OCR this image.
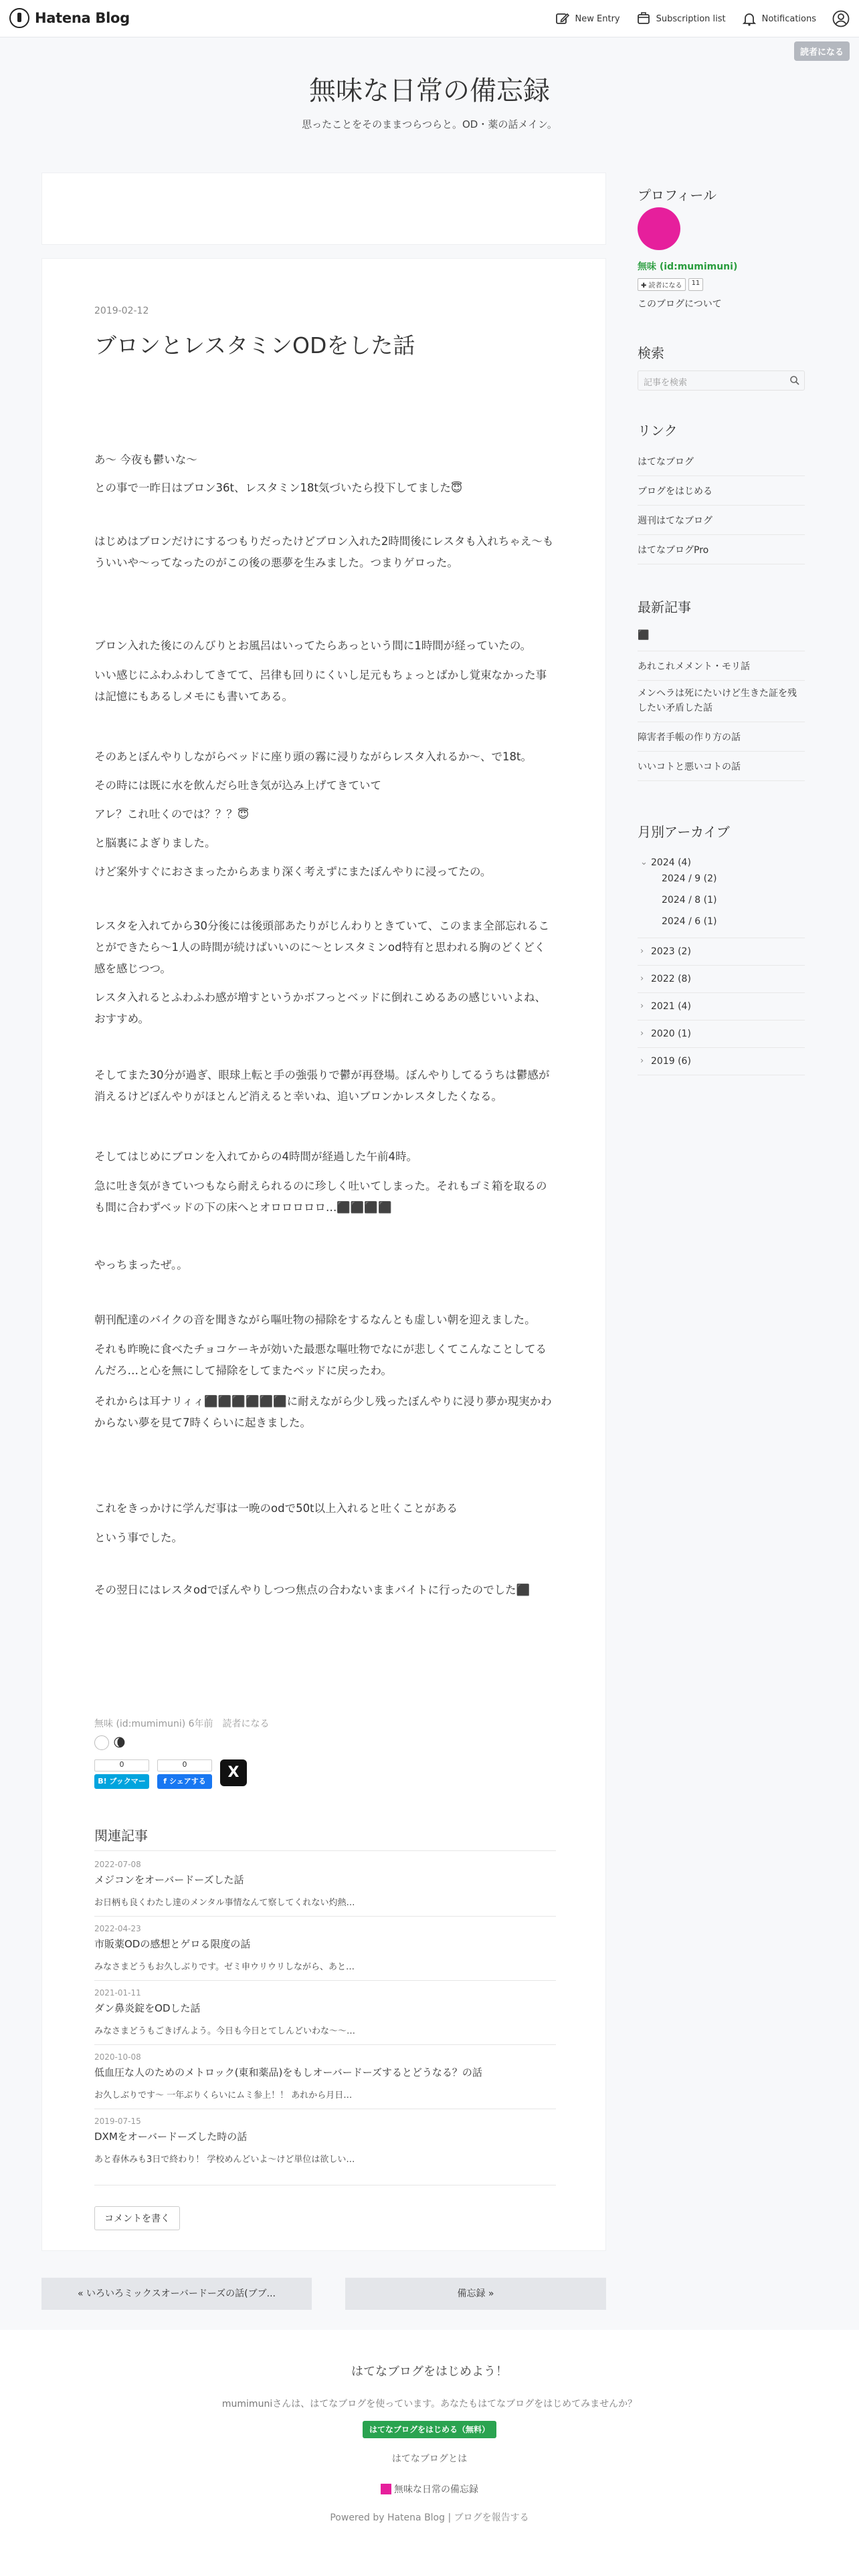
Hatena Blog	New Entry	Subscription list	Notifications
読者になる
無味な日常の備忘録
思ったことをそのままつらつらと。OD・薬の話メイン。
2019-02-12
ブロンとレスタミンODをした話

あ〜 今夜も鬱いな〜

との事で一昨日はブロン36t、レスタミン18t気づいたら投下してました😇

はじめはブロンだけにするつもりだったけどブロン入れた2時間後にレスタも入れちゃえ〜もういいや〜ってなったのがこの後の悪夢を生みました。つまりゲロった。

ブロン入れた後にのんびりとお風呂はいってたらあっという間に1時間が経っていたの。

いい感じにふわふわしてきてて、呂律も回りにくいし足元もちょっとばかし覚束なかった事は記憶にもあるしメモにも書いてある。

そのあとぼんやりしながらベッドに座り頭の霧に浸りながらレスタ入れるか〜、で18t。

その時には既に水を飲んだら吐き気が込み上げてきていて

アレ？これ吐くのでは？？？😇

と脳裏によぎりました。

けど案外すぐにおさまったからあまり深く考えずにまたぼんやりに浸ってたの。

レスタを入れてから30分後には後頭部あたりがじんわりときていて、このまま全部忘れることができたら〜1人の時間が続けばいいのに〜とレスタミンod特有と思われる胸のどくどく感を感じつつ。

レスタ入れるとふわふわ感が増すというかボフっとベッドに倒れこめるあの感じいいよね、おすすめ。

そしてまた30分が過ぎ、眼球上転と手の強張りで鬱が再登場。ぼんやりしてるうちは鬱感が消えるけどぼんやりがほとんど消えると幸いね、追いブロンかレスタしたくなる。

そしてはじめにブロンを入れてからの4時間が経過した午前4時。

急に吐き気がきていつもなら耐えられるのに珍しく吐いてしまった。それもゴミ箱を取るのも間に合わずベッドの下の床へとオロロロロロ…⬛⬛⬛⬛

やっちまったぜ。。

朝刊配達のバイクの音を聞きながら嘔吐物の掃除をするなんとも虚しい朝を迎えました。

それも昨晩に食べたチョコケーキが効いた最悪な嘔吐物でなにが悲しくてこんなことしてるんだろ…と心を無にして掃除をしてまたベッドに戻ったわ。

それからは耳ナリィィ⬛⬛⬛⬛⬛⬛に耐えながら少し残ったぼんやりに浸り夢か現実かわからない夢を見て7時くらいに起きました。

これをきっかけに学んだ事は一晩のodで50t以上入れると吐くことがある

という事でした。

その翌日にはレスタodでぼんやりしつつ焦点の合わないままバイトに行ったのでした⬛

無味 (id:mumimuni) 6年前　読者になる
🌘
0
B! ブックマーク
0
f シェアする
X
関連記事
2022-07-08
メジコンをオーバードーズした話
お日柄も良くわたし達のメンタル事情なんて察してくれない灼熱…
2022-04-23
市販薬ODの感想とゲロる限度の話
みなさまどうもお久しぶりです。ゼミ申ウリウリしながら、あと…
2021-01-11
ダン鼻炎錠をODした話
みなさまどうもごきげんよう。今日も今日とてしんどいわな〜〜…
2020-10-08
低血圧な人のためのメトロック(東和薬品)をもしオーバードーズするとどうなる？の話
お久しぶりです〜 一年ぶりくらいにムミ参上！！ あれから月日…
2019-07-15
DXMをオーバードーズした時の話
あと春休みも3日で終わり！ 学校めんどいよ〜けど単位は欲しい…
コメントを書く
プロフィール
無味 (id:mumimuni)
✚ 読者になる	11
このブログについて
検索
記事を検索
リンク
はてなブログ
ブログをはじめる
週刊はてなブログ
はてなブログPro
最新記事
⬛
あれこれメメント・モリ話
メンヘラは死にたいけど生きた証を残したい矛盾した話
障害者手帳の作り方の話
いいコトと悪いコトの話
月別アーカイブ
⌄ 2024 (4)
2024 / 9 (2)
2024 / 8 (1)
2024 / 6 (1)
› 2023 (2)
› 2022 (8)
› 2021 (4)
› 2020 (1)
› 2019 (6)
« いろいろミックスオーバードーズの話(ブブ...	備忘録 »
はてなブログをはじめよう！
mumimuniさんは、はてなブログを使っています。あなたもはてなブログをはじめてみませんか？
はてなブログをはじめる（無料）
はてなブログとは
無味な日常の備忘録
Powered by Hatena Blog | ブログを報告する
